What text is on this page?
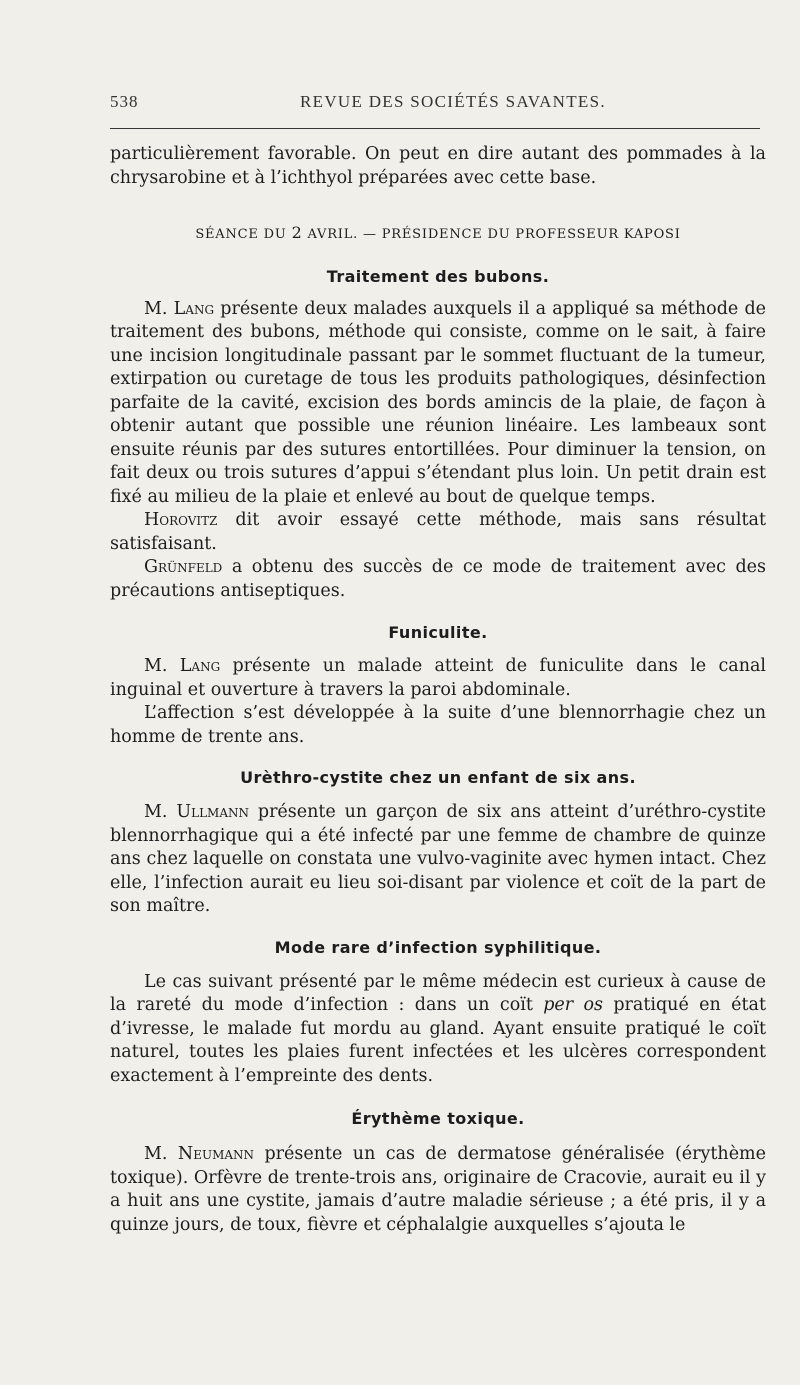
538	REVUE DES SOCIÉTÉS SAVANTES.

particulièrement favorable. On peut en dire autant des pommades à la chrysarobine et à l’ichthyol préparées avec cette base.

SÉANCE DU 2 AVRIL. — PRÉSIDENCE DU PROFESSEUR KAPOSI

Traitement des bubons.

M. Lang présente deux malades auxquels il a appliqué sa méthode de traitement des bubons, méthode qui consiste, comme on le sait, à faire une incision longitudinale passant par le sommet fluctuant de la tumeur, extirpation ou curetage de tous les produits pathologiques, désinfection parfaite de la cavité, excision des bords amincis de la plaie, de façon à obtenir autant que possible une réunion linéaire. Les lambeaux sont ensuite réunis par des sutures entortillées. Pour diminuer la tension, on fait deux ou trois sutures d’appui s’étendant plus loin. Un petit drain est fixé au milieu de la plaie et enlevé au bout de quelque temps.

Horovitz dit avoir essayé cette méthode, mais sans résultat satisfaisant.

Grünfeld a obtenu des succès de ce mode de traitement avec des précautions antiseptiques.

Funiculite.

M. Lang présente un malade atteint de funiculite dans le canal inguinal et ouverture à travers la paroi abdominale.

L’affection s’est développée à la suite d’une blennorrhagie chez un homme de trente ans.

Urèthro-cystite chez un enfant de six ans.

M. Ullmann présente un garçon de six ans atteint d’uréthro-cystite blennorrhagique qui a été infecté par une femme de chambre de quinze ans chez laquelle on constata une vulvo-vaginite avec hymen intact. Chez elle, l’infection aurait eu lieu soi-disant par violence et coït de la part de son maître.

Mode rare d’infection syphilitique.

Le cas suivant présenté par le même médecin est curieux à cause de la rareté du mode d’infection : dans un coït per os pratiqué en état d’ivresse, le malade fut mordu au gland. Ayant ensuite pratiqué le coït naturel, toutes les plaies furent infectées et les ulcères correspondent exactement à l’empreinte des dents.

Érythème toxique.

M. Neumann présente un cas de dermatose généralisée (érythème toxique). Orfèvre de trente-trois ans, originaire de Cracovie, aurait eu il y a huit ans une cystite, jamais d’autre maladie sérieuse ; a été pris, il y a quinze jours, de toux, fièvre et céphalalgie auxquelles s’ajouta le
